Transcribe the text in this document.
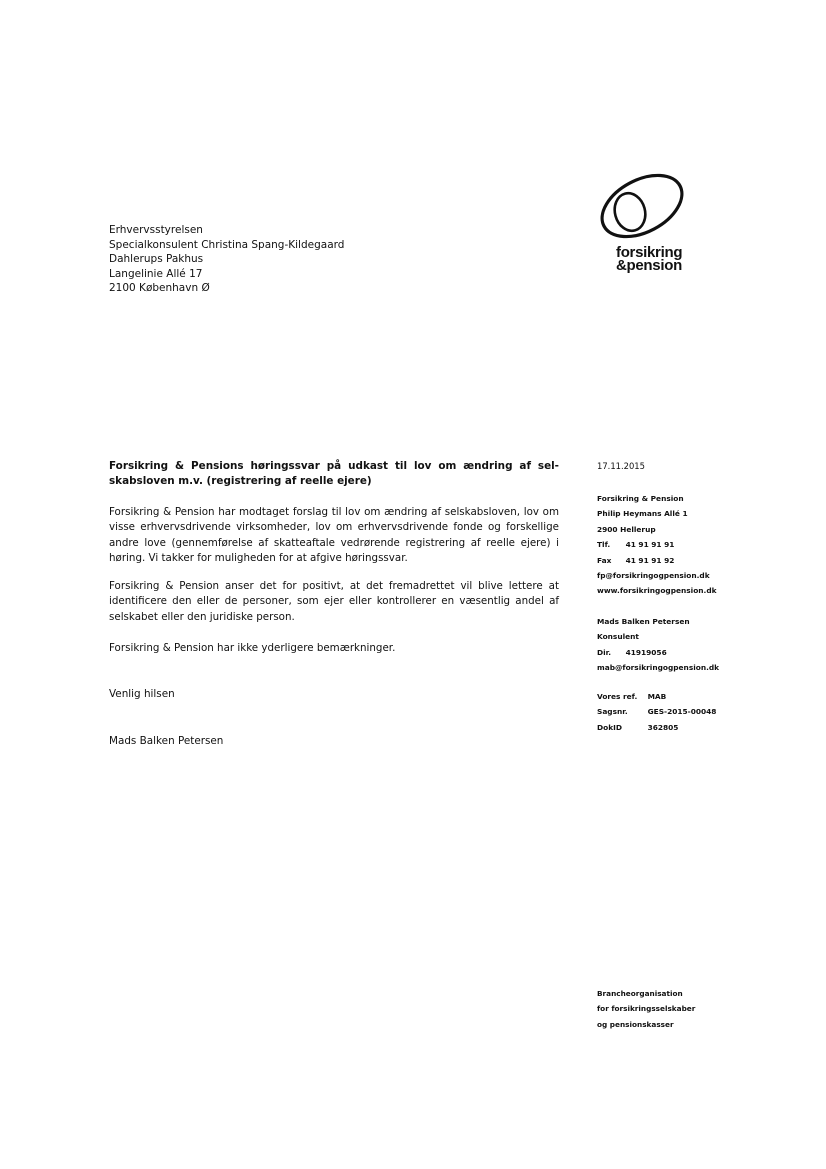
forsikring
&pension
Erhvervsstyrelsen
Specialkonsulent Christina Spang-Kildegaard
Dahlerups Pakhus
Langelinie Allé 17
2100 København Ø
Forsikring & Pensions høringssvar på udkast til lov om ændring af sel-skabsloven m.v. (registrering af reelle ejere)
Forsikring & Pension har modtaget forslag til lov om ændring af selskabsloven, lov om visse erhvervsdrivende virksomheder, lov om erhvervsdrivende fonde og forskellige andre love (gennemførelse af skatteaftale vedrørende registrering af reelle ejere) i høring. Vi takker for muligheden for at afgive høringssvar.
Forsikring & Pension anser det for positivt, at det fremadrettet vil blive lettere at identificere den eller de personer, som ejer eller kontrollerer en væsentlig andel af selskabet eller den juridiske person.
Forsikring & Pension har ikke yderligere bemærkninger.
Venlig hilsen
Mads Balken Petersen
17.11.2015
Forsikring & Pension
Philip Heymans Allé 1
2900 Hellerup
Tlf. 41 91 91 91
Fax 41 91 91 92
fp@forsikringogpension.dk
www.forsikringogpension.dk
Mads Balken Petersen
Konsulent
Dir. 41919056
mab@forsikringogpension.dk
Vores ref. MAB
Sagsnr.	GES-2015-00048
DokID	362805
Brancheorganisation
for forsikringsselskaber
og pensionskasser
